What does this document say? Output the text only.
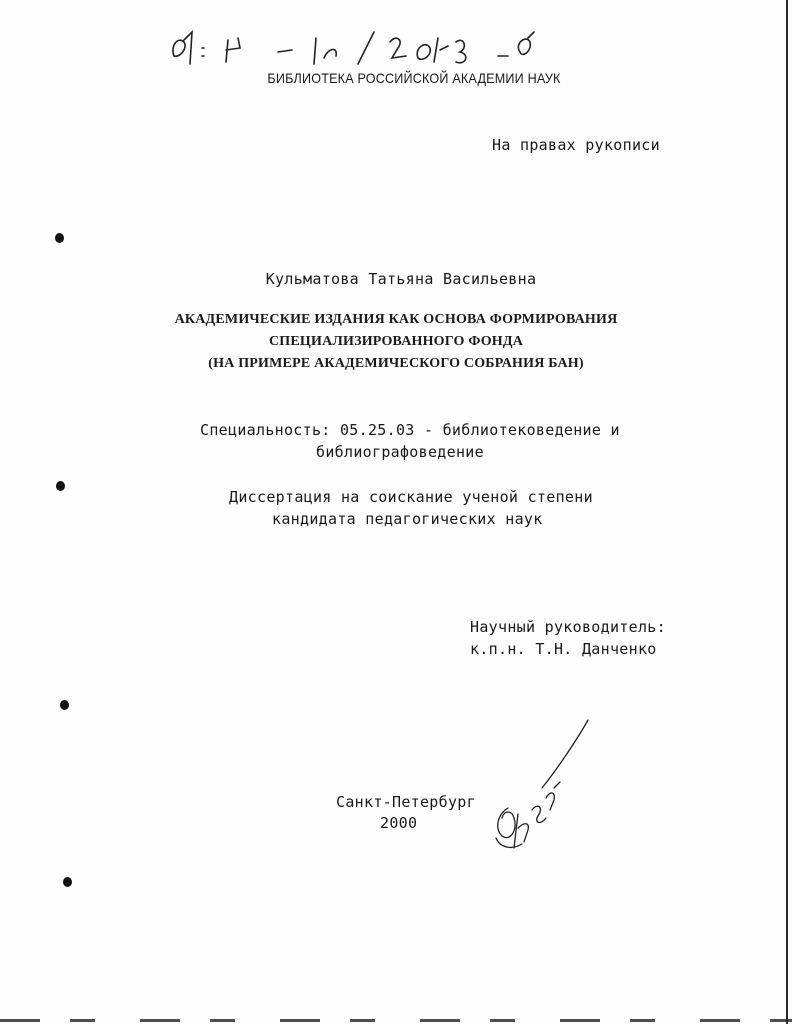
БИБЛИОТЕКА РОССИЙСКОЙ АКАДЕМИИ НАУК
На правах рукописи
Кульматова Татьяна Васильевна
АКАДЕМИЧЕСКИЕ ИЗДАНИЯ КАК ОСНОВА ФОРМИРОВАНИЯ
СПЕЦИАЛИЗИРОВАННОГО ФОНДА
(НА ПРИМЕРЕ АКАДЕМИЧЕСКОГО СОБРАНИЯ БАН)
Специальность: 05.25.03 - библиотековедение и
библиографоведение
Диссертация на соискание ученой степени
кандидата педагогических наук
Научный руководитель:
к.п.н. Т.Н. Данченко
Санкт-Петербург
2000
